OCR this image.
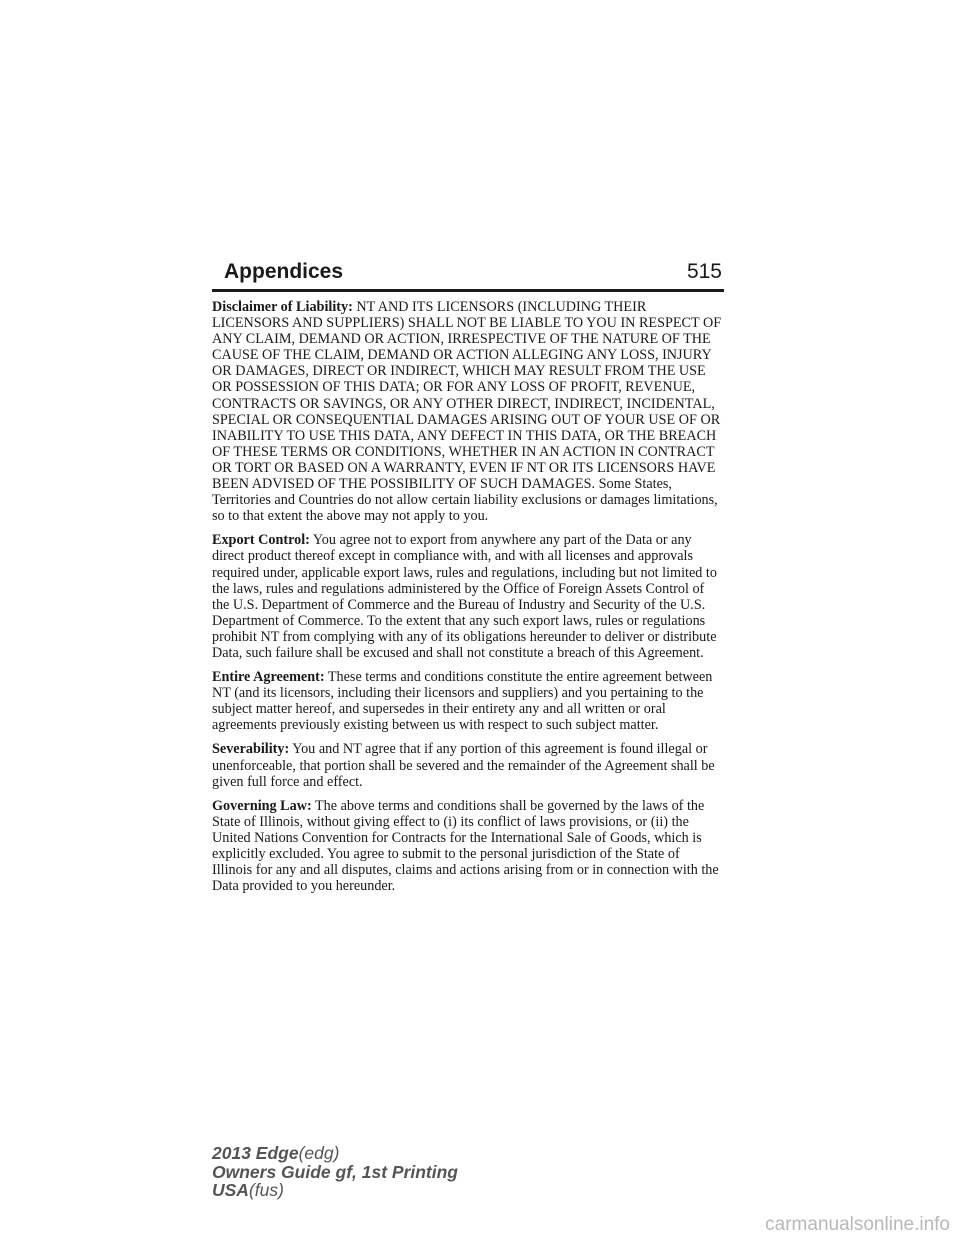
Appendices	515

Disclaimer of Liability: NT AND ITS LICENSORS (INCLUDING THEIR LICENSORS AND SUPPLIERS) SHALL NOT BE LIABLE TO YOU IN RESPECT OF ANY CLAIM, DEMAND OR ACTION, IRRESPECTIVE OF THE NATURE OF THE CAUSE OF THE CLAIM, DEMAND OR ACTION ALLEGING ANY LOSS, INJURY OR DAMAGES, DIRECT OR INDIRECT, WHICH MAY RESULT FROM THE USE OR POSSESSION OF THIS DATA; OR FOR ANY LOSS OF PROFIT, REVENUE, CONTRACTS OR SAVINGS, OR ANY OTHER DIRECT, INDIRECT, INCIDENTAL, SPECIAL OR CONSEQUENTIAL DAMAGES ARISING OUT OF YOUR USE OF OR INABILITY TO USE THIS DATA, ANY DEFECT IN THIS DATA, OR THE BREACH OF THESE TERMS OR CONDITIONS, WHETHER IN AN ACTION IN CONTRACT OR TORT OR BASED ON A WARRANTY, EVEN IF NT OR ITS LICENSORS HAVE BEEN ADVISED OF THE POSSIBILITY OF SUCH DAMAGES. Some States, Territories and Countries do not allow certain liability exclusions or damages limitations, so to that extent the above may not apply to you.

Export Control: You agree not to export from anywhere any part of the Data or any direct product thereof except in compliance with, and with all licenses and approvals required under, applicable export laws, rules and regulations, including but not limited to the laws, rules and regulations administered by the Office of Foreign Assets Control of the U.S. Department of Commerce and the Bureau of Industry and Security of the U.S. Department of Commerce. To the extent that any such export laws, rules or regulations prohibit NT from complying with any of its obligations hereunder to deliver or distribute Data, such failure shall be excused and shall not constitute a breach of this Agreement.

Entire Agreement: These terms and conditions constitute the entire agreement between NT (and its licensors, including their licensors and suppliers) and you pertaining to the subject matter hereof, and supersedes in their entirety any and all written or oral agreements previously existing between us with respect to such subject matter.

Severability: You and NT agree that if any portion of this agreement is found illegal or unenforceable, that portion shall be severed and the remainder of the Agreement shall be given full force and effect.

Governing Law: The above terms and conditions shall be governed by the laws of the State of Illinois, without giving effect to (i) its conflict of laws provisions, or (ii) the United Nations Convention for Contracts for the International Sale of Goods, which is explicitly excluded. You agree to submit to the personal jurisdiction of the State of Illinois for any and all disputes, claims and actions arising from or in connection with the Data provided to you hereunder.

2013 Edge(edg)
Owners Guide gf, 1st Printing
USA(fus)
carmanualsonline.info
